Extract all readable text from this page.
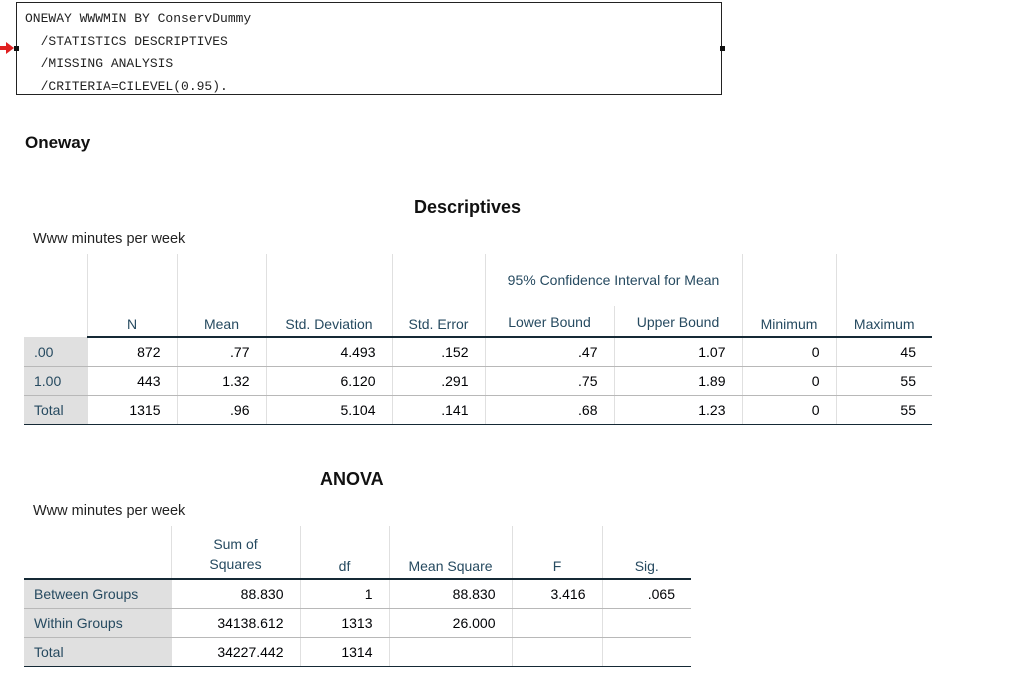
ONEWAY WWWMIN BY ConservDummy
/STATISTICS DESCRIPTIVES
/MISSING ANALYSIS
/CRITERIA=CILEVEL(0.95).
Oneway
Descriptives
Www minutes per week
	N	Mean	Std. Deviation	Std. Error	95% Confidence Interval for Mean		Minimum	Maximum
					Lower Bound	Upper Bound		
.00	872	.77	4.493	.152	.47	1.07	0	45
1.00	443	1.32	6.120	.291	.75	1.89	0	55
Total	1315	.96	5.104	.141	.68	1.23	0	55
ANOVA
Www minutes per week
	Sum of Squares	df	Mean Square	F	Sig.
Between Groups	88.830	1	88.830	3.416	.065
Within Groups	34138.612	1313	26.000		
Total	34227.442	1314			
